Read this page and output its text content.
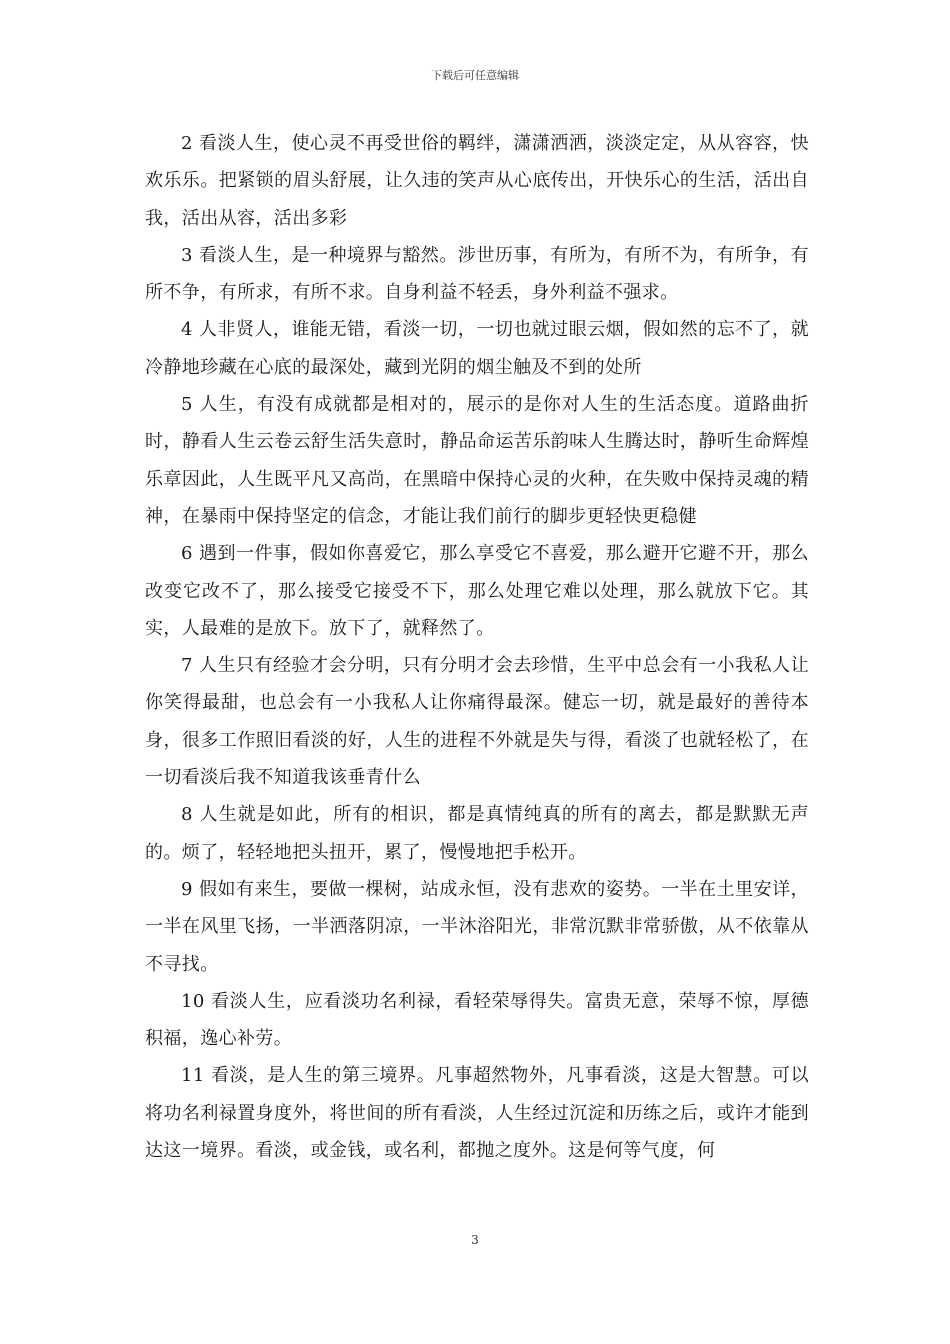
下载后可任意编辑

2 看淡人生，使心灵不再受世俗的羁绊，潇潇洒洒，淡淡定定，从从容容，快欢乐乐。把紧锁的眉头舒展，让久违的笑声从心底传出，开快乐心的生活，活出自我，活出从容，活出多彩

3 看淡人生，是一种境界与豁然。涉世历事，有所为，有所不为，有所争，有所不争，有所求，有所不求。自身利益不轻丢，身外利益不强求。

4 人非贤人，谁能无错，看淡一切，一切也就过眼云烟，假如然的忘不了，就冷静地珍藏在心底的最深处，藏到光阴的烟尘触及不到的处所

5 人生，有没有成就都是相对的，展示的是你对人生的生活态度。道路曲折时，静看人生云卷云舒生活失意时，静品命运苦乐韵味人生腾达时，静听生命辉煌乐章因此，人生既平凡又高尚，在黑暗中保持心灵的火种，在失败中保持灵魂的精神，在暴雨中保持坚定的信念，才能让我们前行的脚步更轻快更稳健

6 遇到一件事，假如你喜爱它，那么享受它不喜爱，那么避开它避不开，那么改变它改不了，那么接受它接受不下，那么处理它难以处理，那么就放下它。其实，人最难的是放下。放下了，就释然了。

7 人生只有经验才会分明，只有分明才会去珍惜，生平中总会有一小我私人让你笑得最甜，也总会有一小我私人让你痛得最深。健忘一切，就是最好的善待本身，很多工作照旧看淡的好，人生的进程不外就是失与得，看淡了也就轻松了，在一切看淡后我不知道我该垂青什么

8 人生就是如此，所有的相识，都是真情纯真的所有的离去，都是默默无声的。烦了，轻轻地把头扭开，累了，慢慢地把手松开。

9 假如有来生，要做一棵树，站成永恒，没有悲欢的姿势。一半在土里安详，一半在风里飞扬，一半洒落阴凉，一半沐浴阳光，非常沉默非常骄傲，从不依靠从不寻找。

10 看淡人生，应看淡功名利禄，看轻荣辱得失。富贵无意，荣辱不惊，厚德积福，逸心补劳。

11 看淡，是人生的第三境界。凡事超然物外，凡事看淡，这是大智慧。可以将功名利禄置身度外，将世间的所有看淡，人生经过沉淀和历练之后，或许才能到达这一境界。看淡，或金钱，或名利，都抛之度外。这是何等气度，何

3
